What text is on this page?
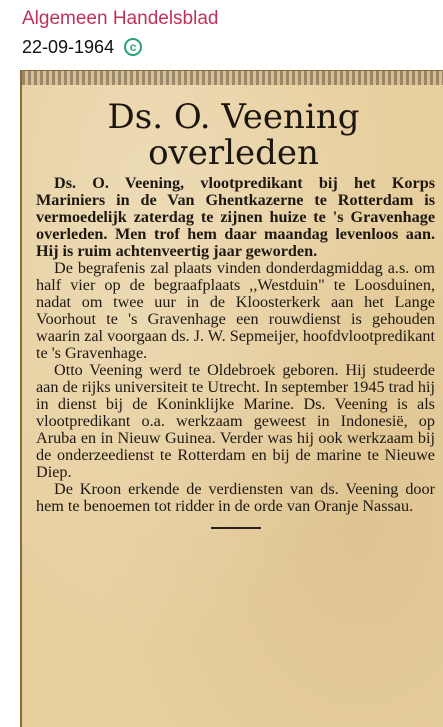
Algemeen Handelsblad
22-09-1964	c
Ds. O. Veening
overleden

Ds. O. Veening, vlootpredikant bij het Korps Mariniers in de Van Ghentkazerne te Rotterdam is vermoedelijk zaterdag te zijnen huize te 's Gravenhage overleden. Men trof hem daar maandag levenloos aan. Hij is ruim achtenveertig jaar geworden.

De begrafenis zal plaats vinden donderdagmiddag a.s. om half vier op de begraafplaats ,,Westduin" te Loosduinen, nadat om twee uur in de Kloosterkerk aan het Lange Voorhout te 's Gravenhage een rouwdienst is gehouden waarin zal voorgaan ds. J. W. Sepmeijer, hoofdvlootpredikant te 's Gravenhage.

Otto Veening werd te Oldebroek geboren. Hij studeerde aan de rijks universiteit te Utrecht. In september 1945 trad hij in dienst bij de Koninklijke Marine. Ds. Veening is als vlootpredikant o.a. werkzaam geweest in Indonesië, op Aruba en in Nieuw Guinea. Verder was hij ook werkzaam bij de onderzeedienst te Rotterdam en bij de marine te Nieuwe Diep.

De Kroon erkende de verdiensten van ds. Veening door hem te benoemen tot ridder in de orde van Oranje Nassau.
